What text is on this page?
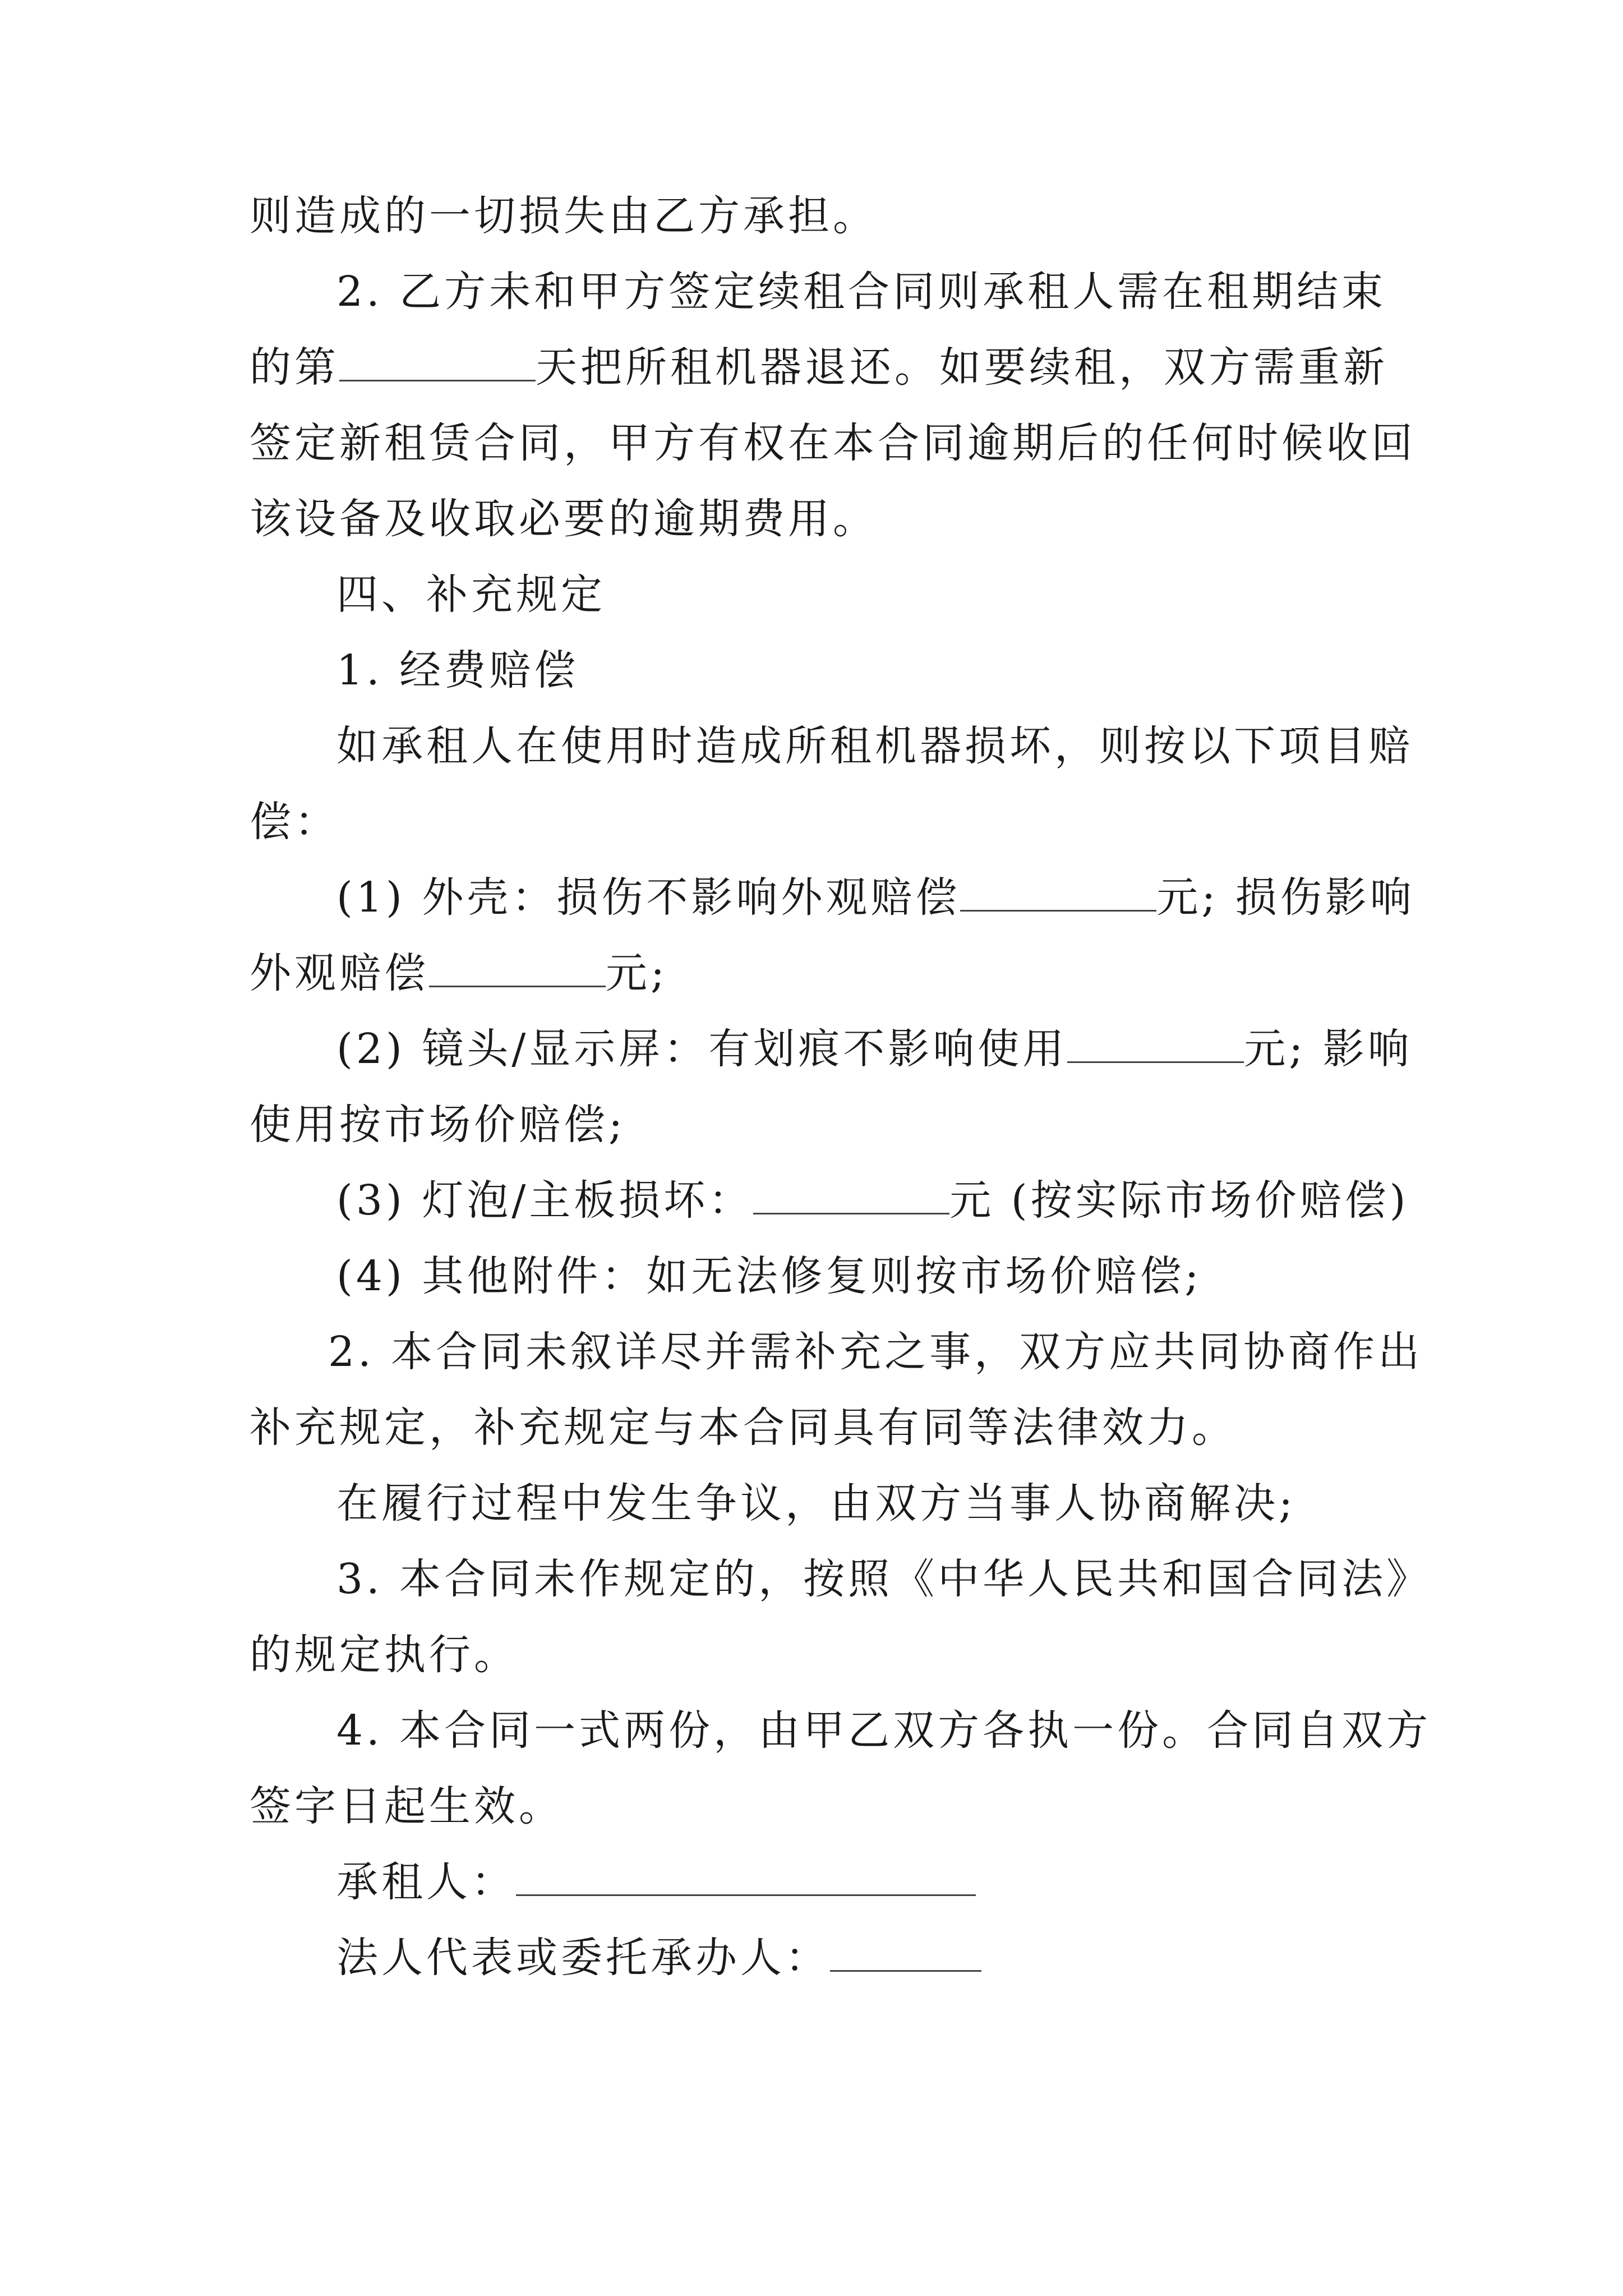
则造成的一切损失由乙方承担。
2. 乙方未和甲方签定续租合同则承租人需在租期结束
的第	天把所租机器退还。如要续租，双方需重新
签定新租赁合同，甲方有权在本合同逾期后的任何时候收回
该设备及收取必要的逾期费用。
四、补充规定
1. 经费赔偿
如承租人在使用时造成所租机器损坏，则按以下项目赔
偿：
(1) 外壳：损伤不影响外观赔偿	元; 损伤影响
外观赔偿	元;
(2) 镜头/显示屏：有划痕不影响使用	元; 影响
使用按市场价赔偿;
(3) 灯泡/主板损坏：	元 (按实际市场价赔偿)
(4) 其他附件：如无法修复则按市场价赔偿;
2. 本合同未叙详尽并需补充之事，双方应共同协商作出
补充规定，补充规定与本合同具有同等法律效力。
在履行过程中发生争议，由双方当事人协商解决;
3. 本合同未作规定的，按照《中华人民共和国合同法》
的规定执行。
4. 本合同一式两份，由甲乙双方各执一份。合同自双方
签字日起生效。
承租人：
法人代表或委托承办人：
